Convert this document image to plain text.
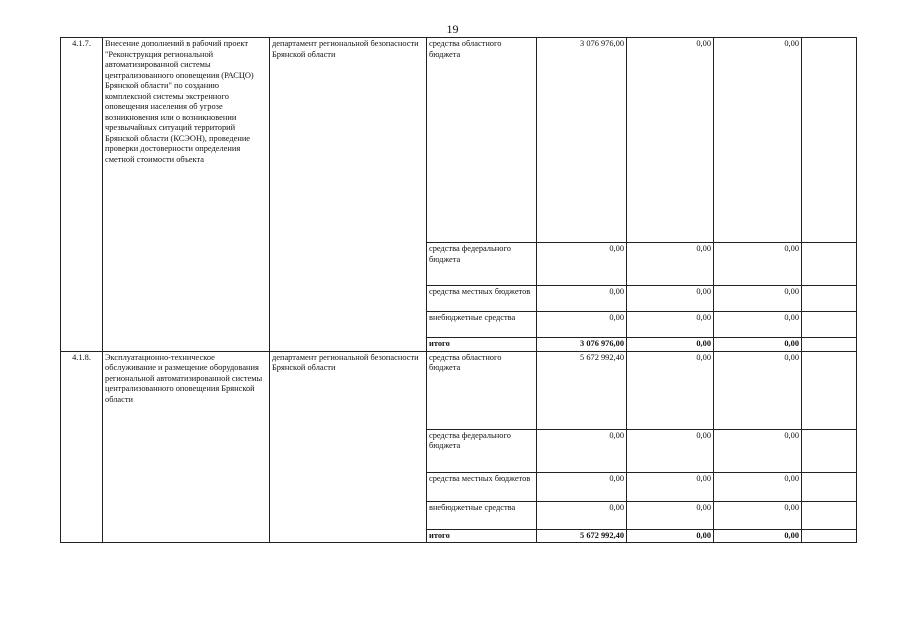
19
4.1.7.	Внесение дополнений в рабочий проект "Реконструкция региональной автоматизированной системы централизованного оповещения (РАСЦО) Брянской области" по созданию комплексной системы экстренного оповещения населения об угрозе возникновения или о возникновении чрезвычайных ситуаций территорий Брянской области (КСЭОН), проведение проверки достоверности определения сметной стоимости объекта	департамент региональной безопасности Брянской области	средства областного бюджета	3 076 976,00	0,00	0,00	
			средства федерального бюджета	0,00	0,00	0,00	
			средства местных бюджетов	0,00	0,00	0,00	
			внебюджетные средства	0,00	0,00	0,00	
			итого	3 076 976,00	0,00	0,00	
4.1.8.	Эксплуатационно-техническое обслуживание и размещение оборудования региональной автоматизированной системы централизованного оповещения Брянской области	департамент региональной безопасности Брянской области	средства областного бюджета	5 672 992,40	0,00	0,00	
			средства федерального бюджета	0,00	0,00	0,00	
			средства местных бюджетов	0,00	0,00	0,00	
			внебюджетные средства	0,00	0,00	0,00	
			итого	5 672 992,40	0,00	0,00	
